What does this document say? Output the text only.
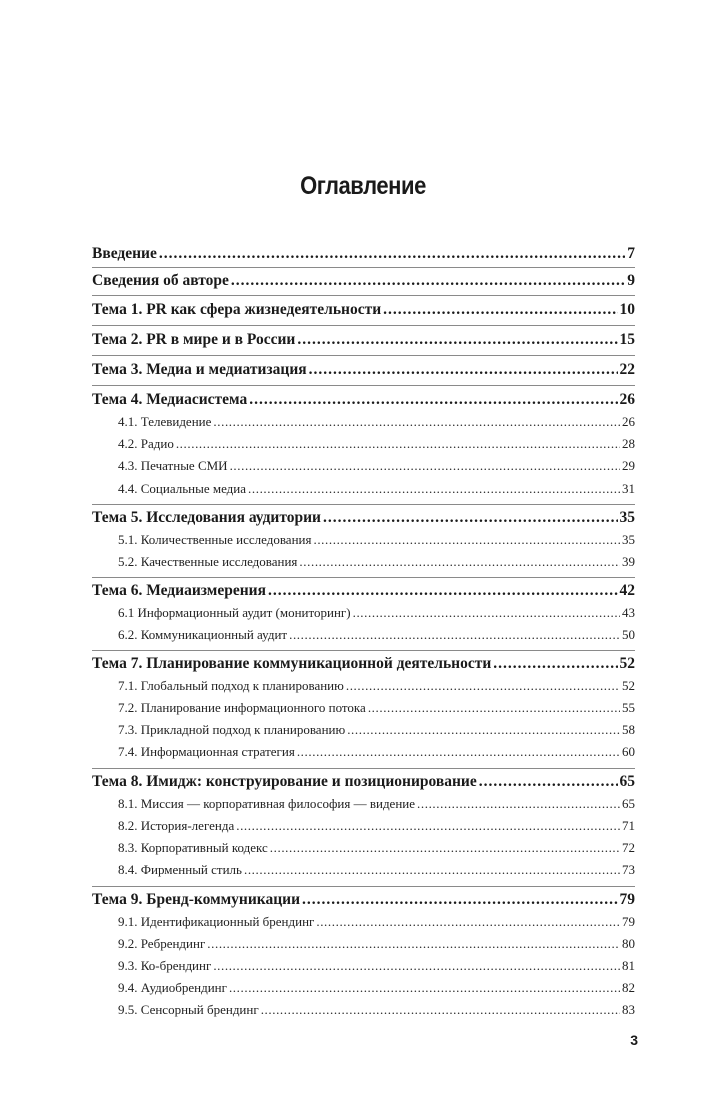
Оглавление
Введение .....	7
Сведения об авторе .....	9
Тема 1. PR как сфера жизнедеятельности .....	10
Тема 2. PR в мире и в России .....	15
Тема 3. Медиа и медиатизация .....	22
Тема 4. Медиасистема .....	26
4.1. Телевидение .....	26
4.2. Радио .....	28
4.3. Печатные СМИ .....	29
4.4. Социальные медиа .....	31
Тема 5. Исследования аудитории .....	35
5.1. Количественные исследования .....	35
5.2. Качественные исследования .....	39
Тема 6. Медиаизмерения .....	42
6.1 Информационный аудит (мониторинг) .....	43
6.2. Коммуникационный аудит .....	50
Тема 7. Планирование коммуникационной деятельности .....	52
7.1. Глобальный подход к планированию .....	52
7.2. Планирование информационного потока .....	55
7.3. Прикладной подход к планированию .....	58
7.4. Информационная стратегия .....	60
Тема 8. Имидж: конструирование и позиционирование .....	65
8.1. Миссия — корпоративная философия — видение .....	65
8.2. История-легенда .....	71
8.3. Корпоративный кодекс .....	72
8.4. Фирменный стиль .....	73
Тема 9. Бренд-коммуникации .....	79
9.1. Идентификационный брендинг .....	79
9.2. Ребрендинг .....	80
9.3. Ко-брендинг .....	81
9.4. Аудиобрендинг .....	82
9.5. Сенсорный брендинг .....	83
3
